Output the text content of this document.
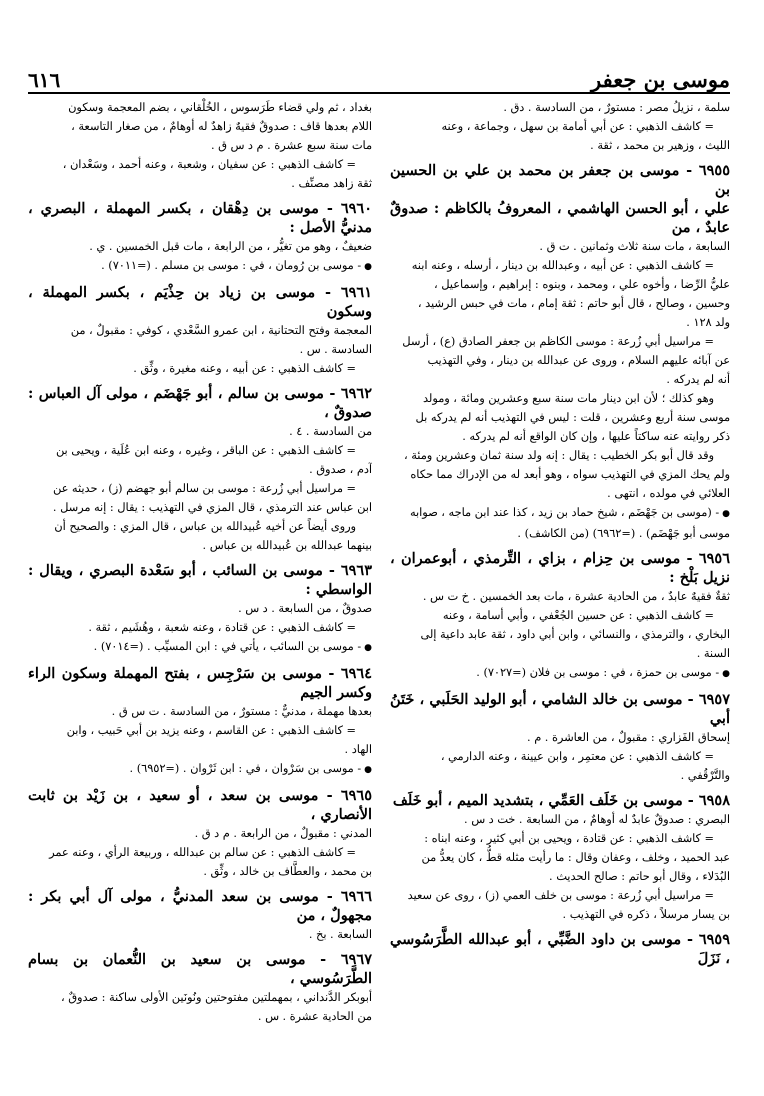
موسى بن جعفر
٦١٦
سلمة ، نزيلُ مصر : مستورٌ ، من السادسة . دق .
= كاشف الذهبي : عن أبي أمامة بن سهل ، وجماعة ، وعنه
الليث ، وزهير بن محمد ، ثقة .
٦٩٥٥ - موسى بن جعفر بن محمد بن علي بن الحسين بن
علي ، أبو الحسن الهاشمي ، المعروفُ بالكاظم : صدوقٌ عابدٌ ، من
السابعة ، مات سنة ثلاث وثمانين . ت ق .
= كاشف الذهبي : عن أبيه ، وعبدالله بن دينار ، أرسله ، وعنه ابنه
عليُّ الرِّضا ، وأخوه علي ، ومحمد ، وبنوه : إبراهيم ، وإسماعيل ،
وحسين ، وصالح ، قال أبو حاتم : ثقة إمام ، مات في حبس الرشيد ،
ولد ١٢٨ .
= مراسيل أبي زُرعة : موسى الكاظم بن جعفر الصادق (ع) ، أرسل
عن آبائه عليهم السلام ، وروى عن عبدالله بن دينار ، وفي التهذيب
أنه لم يدركه .
وهو كذلك ؛ لأن ابن دينار مات سنة سبع وعشرين ومائة ، ومولد
موسى سنة أربع وعشرين ، قلت : ليس في التهذيب أنه لم يدركه بل
ذكر روايته عنه ساكتاً عليها ، وإن كان الواقع أنه لم يدركه .
وقد قال أبو بكر الخطيب : يقال : إنه ولد سنة ثمان وعشرين ومئة ،
ولم يحك المزي في التهذيب سواه ، وهو أبعد له من الإدراك مما حكاه
العلائي في مولده ، انتهى .
●- (موسى بن جَهْضَم ، شيخ حماد بن زيد ، كذا عند ابن ماجه ، صوابه
موسى أبو جَهْضَم) . (=٦٩٦٢) (من الكاشف) .
٦٩٥٦ - موسى بن حِزام ، بزاي ، التِّرمذي ، أبوعمران ، نزيل بَلْخ :
ثقةٌ فقيهٌ عابدٌ ، من الحادية عشرة ، مات بعد الخمسين . خ ت س .
= كاشف الذهبي : عن حسين الجُعْفي ، وأبي أسامة ، وعنه
البخاري ، والترمذي ، والنسائي ، وابن أبي داود ، ثقة عابد داعية إلى
السنة .
●- موسى بن حمزة ، في : موسى بن فلان (=٧٠٢٧) .
٦٩٥٧ - موسى بن خالد الشامي ، أبو الوليد الحَلَبي ، خَتَنُ أبي
إسحاق الفَزاري : مقبولٌ ، من العاشرة . م .
= كاشف الذهبي : عن معتمِر ، وابن عيينة ، وعنه الدارمي ،
والتَّرْقُفي .
٦٩٥٨ - موسى بن خَلَف العَمِّي ، بتشديد الميم ، أبو خَلَف
البصري : صدوقٌ عابدٌ له أوهامٌ ، من السابعة . خت د س .
= كاشف الذهبي : عن قتادة ، ويحيى بن أبي كثير ، وعنه ابناه :
عبد الحميد ، وخلف ، وعفان وقال : ما رأيت مثله قطُّ ، كان يعدُّ من
البُدَلاء ، وقال أبو حاتم : صالح الحديث .
= مراسيل أبي زُرعة : موسى بن خلف العمي (ز) ، روى عن سعيد
بن يسار مرسلاً ، ذكره في التهذيب .
٦٩٥٩ - موسى بن داود الضَّبِّي ، أبو عبدالله الطَّرَسُوسي ، نَزَلَ
بغداد ، ثم ولي قضاء طَرَسوس ، الخُلْقاني ، بضم المعجمة وسكون
اللام بعدها قاف : صدوقٌ فقيهٌ زاهدٌ له أوهامٌ ، من صغار التاسعة ،
مات سنة سبع عشرة . م د س ق .
= كاشف الذهبي : عن سفيان ، وشعبة ، وعنه أحمد ، وسَعْدان ،
ثقة زاهد مصنِّف .
٦٩٦٠ - موسى بن دِهْقان ، بكسر المهملة ، البصري ، مدنيُّ الأصل :
ضعيفٌ ، وهو من تغيُّر ، من الرابعة ، مات قبل الخمسين . ي .
●- موسى بن رُومان ، في : موسى بن مسلم . (=٧٠١١) .
٦٩٦١ - موسى بن زياد بن حِذْيَم ، بكسر المهملة ، وسكون
المعجمة وفتح التحتانية ، ابن عمرو السَّعْدي ، كوفي : مقبولٌ ، من
السادسة . س .
= كاشف الذهبي : عن أبيه ، وعنه مغيرة ، وثِّق .
٦٩٦٢ - موسى بن سالم ، أبو جَهْضَم ، مولى آل العباس : صدوقٌ ،
من السادسة . ٤ .
= كاشف الذهبي : عن الباقر ، وغيره ، وعنه ابن عُلَية ، ويحيى بن
آدم ، صدوق .
= مراسيل أبي زُرعة : موسى بن سالم أبو جهضم (ز) ، حديثه عن
ابن عباس عند الترمذي ، قال المزي في التهذيب : يقال : إنه مرسل .
وروى أيضاً عن أخيه عُبيدالله بن عباس ، قال المزي : والصحيح أن
بينهما عبدالله بن عُبيدالله بن عباس .
٦٩٦٣ - موسى بن السائب ، أبو سَعْدة البصري ، ويقال : الواسطي :
صدوقٌ ، من السابعة . د س .
= كاشف الذهبي : عن قتادة ، وعنه شعبة ، وهُشَيم ، ثقة .
●- موسى بن السائب ، يأتي في : ابن المسيِّب . (=٧٠١٤) .
٦٩٦٤ - موسى بن سَرْجِس ، بفتح المهملة وسكون الراء وكسر الجيم
بعدها مهملة ، مدنيٌّ : مستورٌ ، من السادسة . ت س ق .
= كاشف الذهبي : عن القاسم ، وعنه يزيد بن أبي حَبيب ، وابن
الهاد .
●- موسى بن سَرْوان ، في : ابن ثَرْوان . (=٦٩٥٢) .
٦٩٦٥ - موسى بن سعد ، أو سعيد ، بن زَيْد بن ثابت الأنصاري ،
المدني : مقبولٌ ، من الرابعة . م د ق .
= كاشف الذهبي : عن سالم بن عبدالله ، وربيعة الرأي ، وعنه عمر
بن محمد ، والعطَّاف بن خالد ، وثِّق .
٦٩٦٦ - موسى بن سعد المدنيُّ ، مولى آل أبي بكر : مجهولٌ ، من
السابعة . بخ .
٦٩٦٧ - موسى بن سعيد بن النُّعمان بن بسام الطَّرَسُوسي ،
أبوبكر الدَّنداني ، بمهملتين مفتوحتين ونُونَين الأولى ساكنة : صدوقٌ ،
من الحادية عشرة . س .
